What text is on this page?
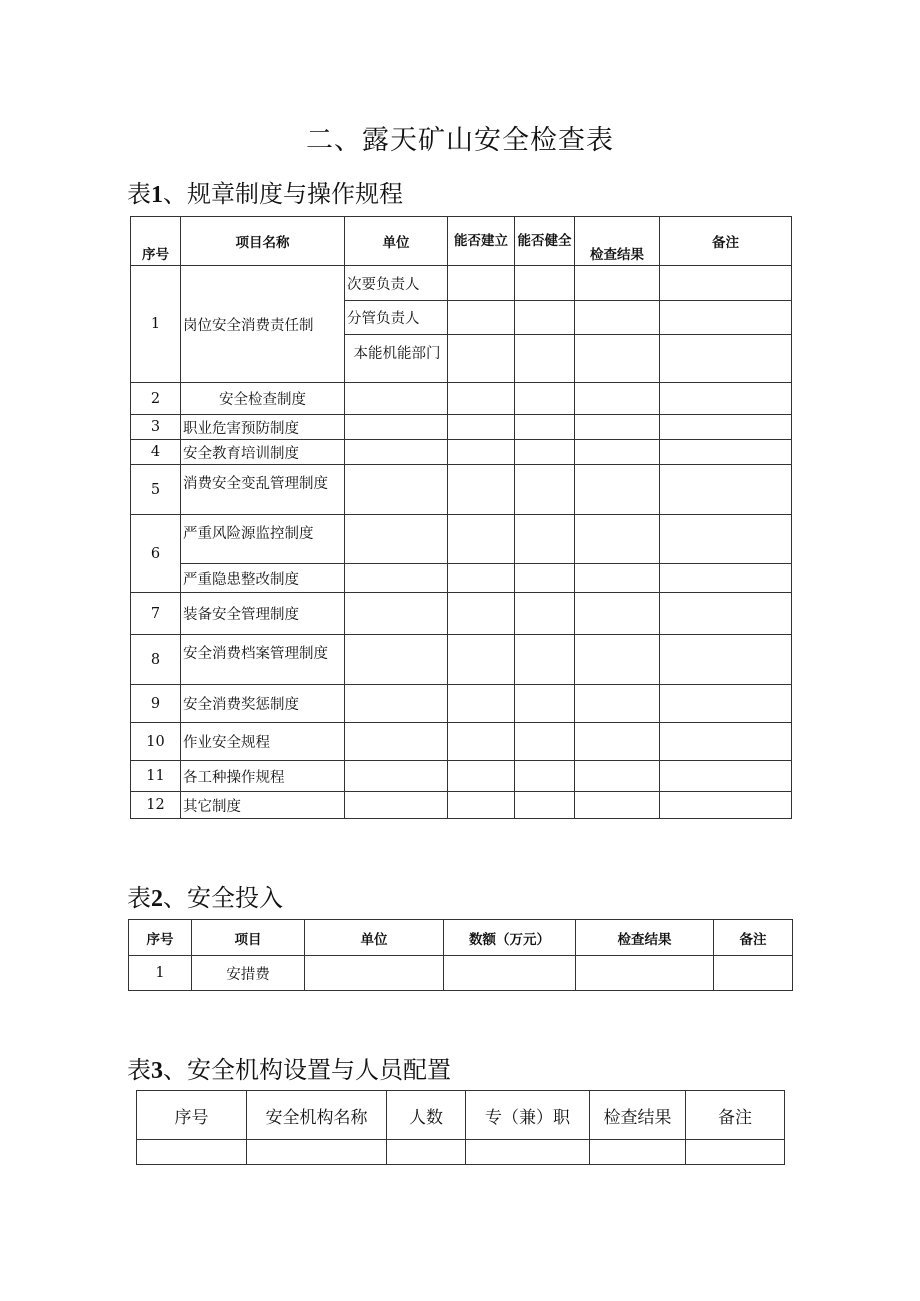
二、露天矿山安全检查表
表1、规章制度与操作规程
序号	项目名称	单位	能否建立	能否健全	检查结果	备注
1	岗位安全消费责任制	次要负责人				
		分管负责人				
		本能机能部门				
2	安全检查制度					
3	职业危害预防制度					
4	安全教育培训制度					
5	消费安全变乱管理制度					
6	严重风险源监控制度					
	严重隐患整改制度					
7	装备安全管理制度					
8	安全消费档案管理制度					
9	安全消费奖惩制度					
10	作业安全规程					
11	各工种操作规程					
12	其它制度					
表2、安全投入
序号	项目	单位	数额（万元）	检查结果	备注
1	安措费				
表3、安全机构设置与人员配置
序号	安全机构名称	人数	专（兼）职	检查结果	备注
